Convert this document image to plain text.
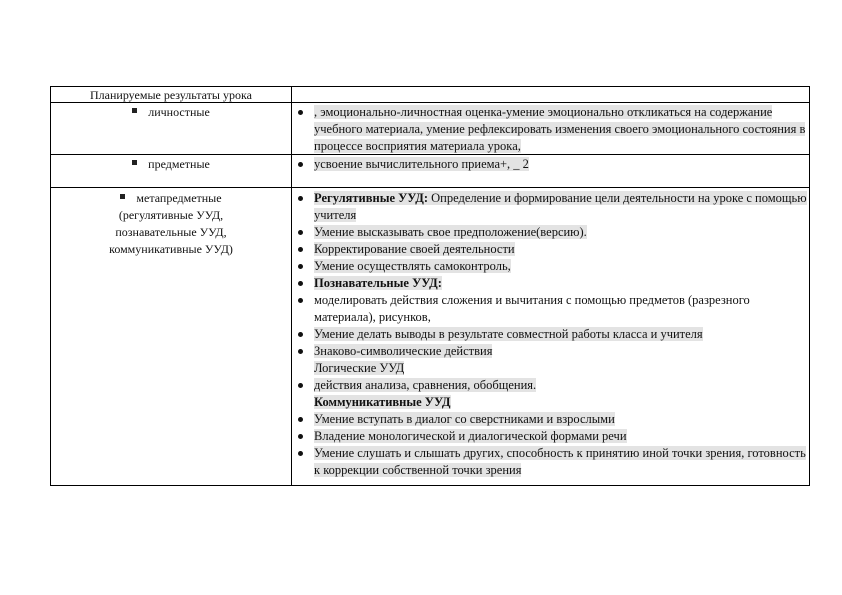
Планируемые результаты урока
личностные	, эмоционально-личностная оценка-умение эмоционально откликаться на содержание учебного материала, умение рефлексировать изменения своего эмоционального состояния в процессе восприятия материала урока,
предметные	усвоение вычислительного приема+, _ 2
метапредметные
(регулятивные УУД,
познавательные УУД,
коммуникативные УУД)
Регулятивные УУД: Определение и формирование цели деятельности на уроке с помощью учителя
Умение высказывать свое предположение(версию).
Корректирование своей деятельности
Умение осуществлять самоконтроль,
Познавательные УУД:
моделировать действия сложения и вычитания с помощью предметов (разрезного материала), рисунков,
Умение делать выводы в результате совместной работы класса и учителя
Знаково-символические действия
Логические УУД
действия анализа, сравнения, обобщения.
Коммуникативные УУД
Умение вступать в диалог со сверстниками и взрослыми
Владение монологической и диалогической формами речи
Умение слушать и слышать других, способность к принятию иной точки зрения, готовность к коррекции собственной точки зрения
